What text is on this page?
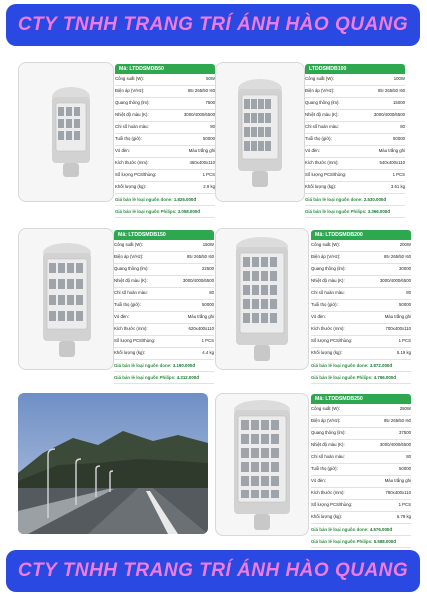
CTY TNHH TRANG TRÍ ÁNH HÀO QUANG
Mã: LTDDSMDB50
Công suất (W):	50W
Điện áp (V/Hz):	85↑265/50↑60
Quang thông (lm):	7500
Nhiệt độ màu (K):	3000/4000/6500
Chỉ số hoàn màu:	80
Tuổi thọ (giờ):	50000
Vỏ đèn:	Màu trắng ghi
Kích thước (mm):	460x400x110
Số lượng PCS/thùng:	1 PCS
Khối lượng (kg):	2.9 kg
Giá bán lẻ loại nguồn done: 1.826.000đ
Giá bán lẻ loại nguồn Philips: 3.058.000đ
LTDDSMDB100
Công suất (W):	100W
Điện áp (V/Hz):	85↑265/50↑60
Quang thông (lm):	15000
Nhiệt độ màu (K):	3000/4000/6500
Chỉ số hoàn màu:	80
Tuổi thọ (giờ):	50000
Vỏ đèn:	Màu trắng ghi
Kích thước (mm):	540x400x110
Số lượng PCS/thùng:	1 PCS
Khối lượng (kg):	3.61 kg
Giá bán lẻ loại nguồn done: 2.530.000đ
Giá bán lẻ loại nguồn Philips: 3.366.000đ
Mã: LTDDSMDB150
Công suất (W):	150W
Điện áp (V/Hz):	85↑265/50↑60
Quang thông (lm):	22500
Nhiệt độ màu (K):	3000/4000/6500
Chỉ số hoàn màu:	80
Tuổi thọ (giờ):	50000
Vỏ đèn:	Màu trắng ghi
Kích thước (mm):	620x400x110
Số lượng PCS/thùng:	1 PCS
Khối lượng (kg):	4.4 kg
Giá bán lẻ loại nguồn done: 3.190.000đ
Giá bán lẻ loại nguồn Philips: 4.312.000đ
Mã: LTDDSMDB200
Công suất (W):	200W
Điện áp (V/Hz):	85↑265/50↑60
Quang thông (lm):	30000
Nhiệt độ màu (K):	3000/4000/6500
Chỉ số hoàn màu:	80
Tuổi thọ (giờ):	50000
Vỏ đèn:	Màu trắng ghi
Kích thước (mm):	700x400x110
Số lượng PCS/thùng:	1 PCS
Khối lượng (kg):	5.19 kg
Giá bán lẻ loại nguồn done: 3.872.000đ
Giá bán lẻ loại nguồn Philips: 4.796.000đ
Mã: LTDDSMDB250
Công suất (W):	250W
Điện áp (V/Hz):	85↑265/50↑60
Quang thông (lm):	37500
Nhiệt độ màu (K):	3000/4000/6500
Chỉ số hoàn màu:	80
Tuổi thọ (giờ):	50000
Vỏ đèn:	Màu trắng ghi
Kích thước (mm):	780x400x110
Số lượng PCS/thùng:	1 PCS
Khối lượng (kg):	6.79 kg
Giá bán lẻ loại nguồn done: 4.576.000đ
Giá bán lẻ loại nguồn Philips: 5.588.000đ
CTY TNHH TRANG TRÍ ÁNH HÀO QUANG
